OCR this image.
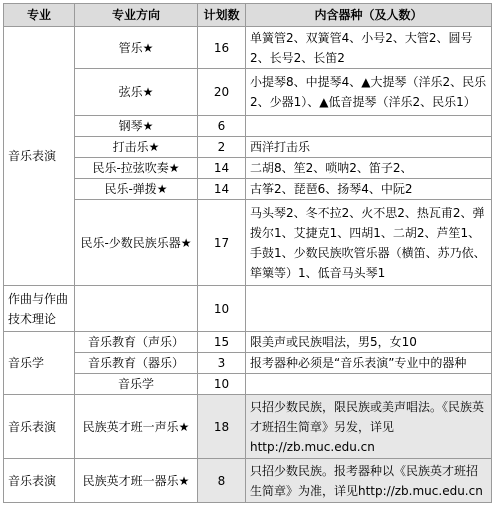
专业	专业方向	计划数	内含器种（及人数）
音乐表演	管乐★	16	单簧管2、双簧管4、小号2、大管2、圆号2、长号2、长笛2
	弦乐★	20	小提琴8、中提琴4、▲大提琴（洋乐2、民乐2、少器1）、▲低音提琴（洋乐2、民乐1）
	钢琴★	6	
	打击乐★	2	西洋打击乐
	民乐-拉弦吹奏★	14	二胡8、笙2、唢呐2、笛子2、
	民乐-弹拨★	14	古筝2、琵琶6、扬琴4、中阮2
	民乐-少数民族乐器★	17	马头琴2、冬不拉2、火不思2、热瓦甫2、弹拨尔1、艾捷克1、四胡1、二胡2、芦笙1、手鼓1、少数民族吹管乐器（横笛、苏乃依、筚篥等）1、低音马头琴1
作曲与作曲技术理论		10	
音乐学	音乐教育（声乐）	15	限美声或民族唱法，男5，女10
	音乐教育（器乐）	3	报考器种必须是“音乐表演”专业中的器种
	音乐学	10	
音乐表演	民族英才班一声乐★	18	只招少数民族，限民族或美声唱法。《民族英才班招生简章》另发，详见http://zb.muc.edu.cn
音乐表演	民族英才班一器乐★	8	只招少数民族。报考器种以《民族英才班招生简章》为准，详见http://zb.muc.edu.cn
